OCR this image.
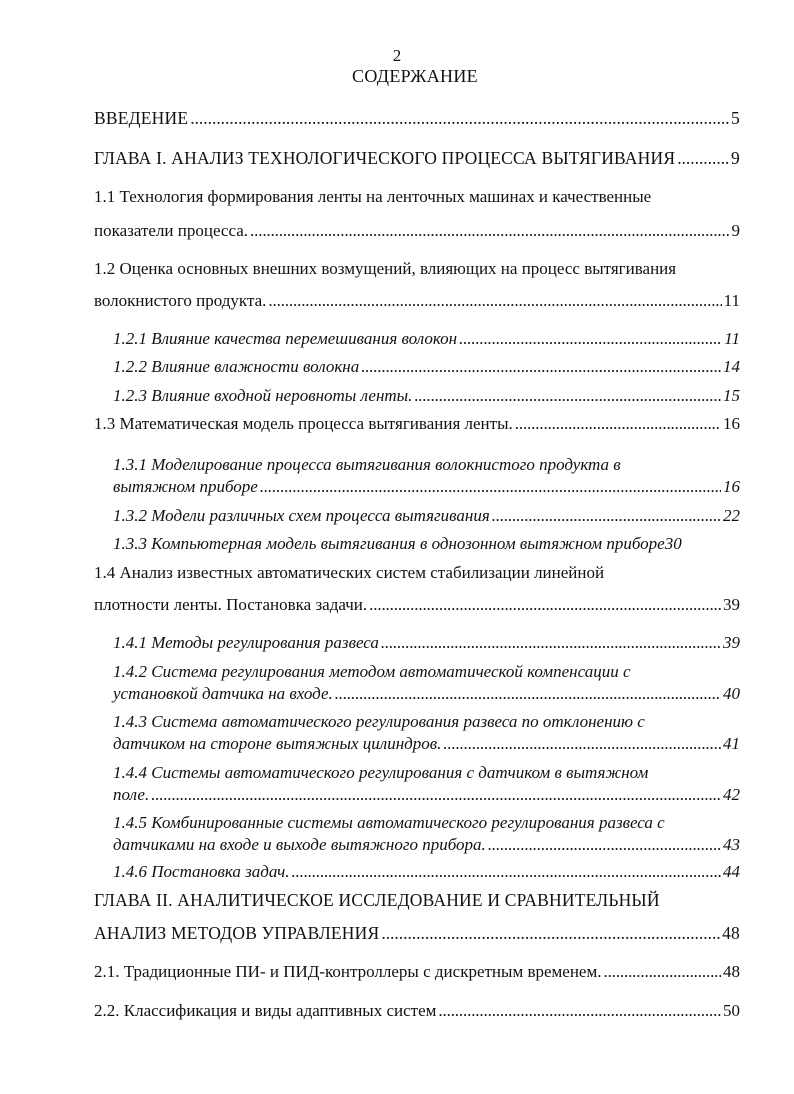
2
СОДЕРЖАНИЕ
ВВЕДЕНИЕ . . .	5
ГЛАВА I. АНАЛИЗ ТЕХНОЛОГИЧЕСКОГО ПРОЦЕССА ВЫТЯГИВАНИЯ . . .	9
1.1 Технология формирования ленты на ленточных машинах и качественные
показатели процесса. . . .	9
1.2 Оценка основных внешних возмущений, влияющих на процесс вытягивания
волокнистого продукта. . . .	11
1.2.1 Влияние качества перемешивания волокон . . .	11
1.2.2 Влияние влажности волокна . . .	14
1.2.3 Влияние входной неровноты ленты. . . .	15
1.3 Математическая модель процесса вытягивания ленты. . . .	16
1.3.1 Моделирование процесса вытягивания волокнистого продукта в
вытяжном приборе . . .	16
1.3.2 Модели различных схем процесса вытягивания . . .	22
1.3.3 Компьютерная модель вытягивания в однозонном вытяжном приборе 30
1.4 Анализ известных автоматических систем стабилизации линейной
плотности ленты. Постановка задачи. . . .	39
1.4.1 Методы регулирования развеса . . .	39
1.4.2 Система регулирования методом автоматической компенсации с
установкой датчика на входе. . . .	40
1.4.3 Система автоматического регулирования развеса по отклонению с
датчиком на стороне вытяжных цилиндров. . . .	41
1.4.4 Системы автоматического регулирования с датчиком в вытяжном
поле. . . .	42
1.4.5 Комбинированные системы автоматического регулирования развеса с
датчиками на входе и выходе вытяжного прибора. . . .	43
1.4.6 Постановка задач. . . .	44
ГЛАВА II. АНАЛИТИЧЕСКОЕ ИССЛЕДОВАНИЕ И СРАВНИТЕЛЬНЫЙ
АНАЛИЗ МЕТОДОВ УПРАВЛЕНИЯ . . .	48
2.1. Традиционные ПИ- и ПИД-контроллеры с дискретным временем. . . .	48
2.2. Классификация и виды адаптивных систем . . .	50
